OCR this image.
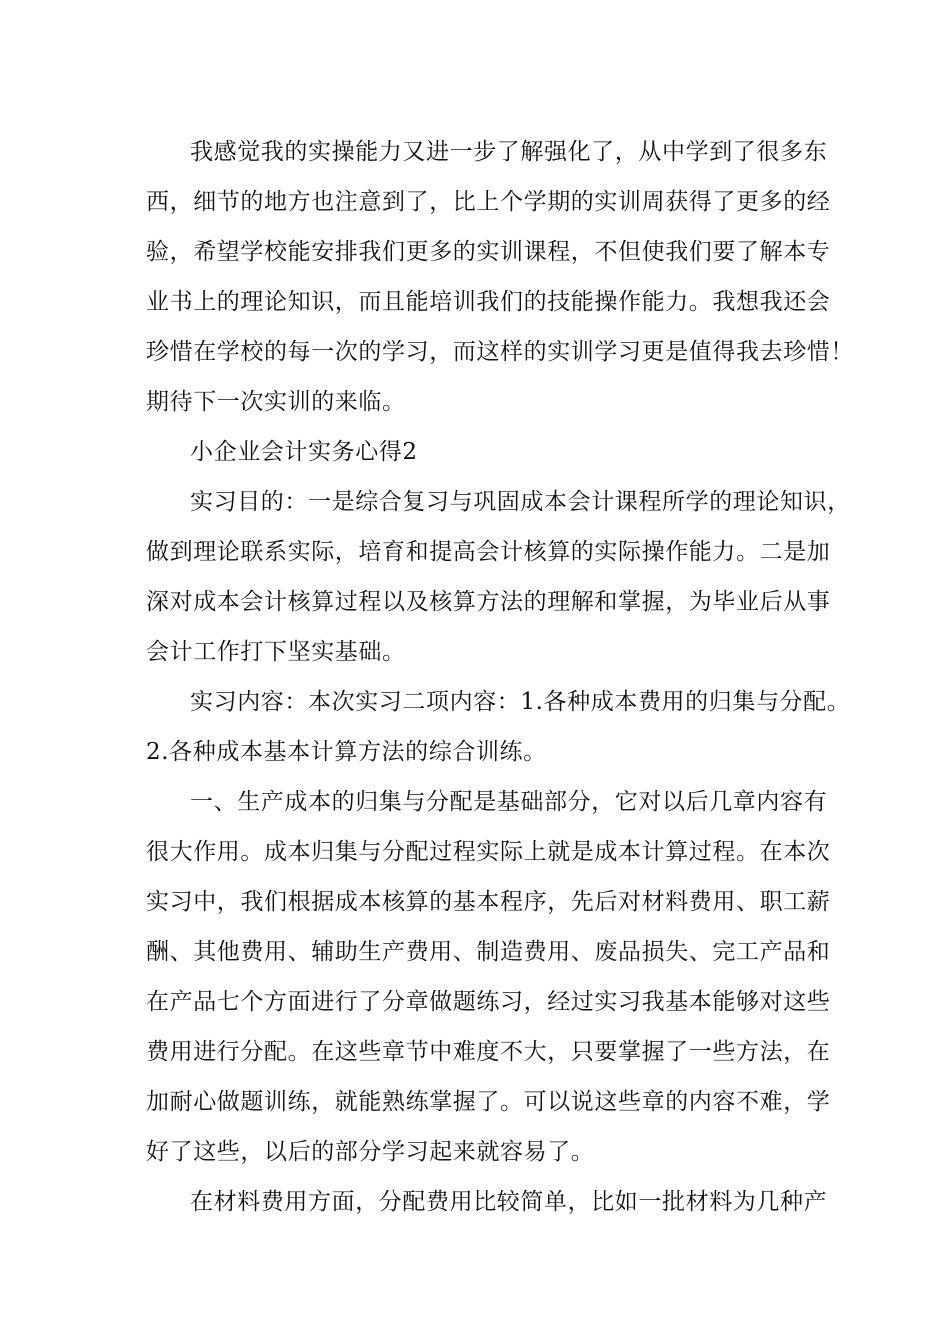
我感觉我的实操能力又进一步了解强化了，从中学到了很多东

西，细节的地方也注意到了，比上个学期的实训周获得了更多的经

验，希望学校能安排我们更多的实训课程，不但使我们要了解本专

业书上的理论知识，而且能培训我们的技能操作能力。我想我还会

珍惜在学校的每一次的学习，而这样的实训学习更是值得我去珍惜！

期待下一次实训的来临。

小企业会计实务心得2

实习目的：一是综合复习与巩固成本会计课程所学的理论知识，

做到理论联系实际，培育和提高会计核算的实际操作能力。二是加

深对成本会计核算过程以及核算方法的理解和掌握，为毕业后从事

会计工作打下坚实基础。

实习内容：本次实习二项内容：1.各种成本费用的归集与分配。

2.各种成本基本计算方法的综合训练。

一、生产成本的归集与分配是基础部分，它对以后几章内容有

很大作用。成本归集与分配过程实际上就是成本计算过程。在本次

实习中，我们根据成本核算的基本程序，先后对材料费用、职工薪

酬、其他费用、辅助生产费用、制造费用、废品损失、完工产品和

在产品七个方面进行了分章做题练习，经过实习我基本能够对这些

费用进行分配。在这些章节中难度不大，只要掌握了一些方法，在

加耐心做题训练，就能熟练掌握了。可以说这些章的内容不难，学

好了这些，以后的部分学习起来就容易了。

在材料费用方面，分配费用比较简单，比如一批材料为几种产
